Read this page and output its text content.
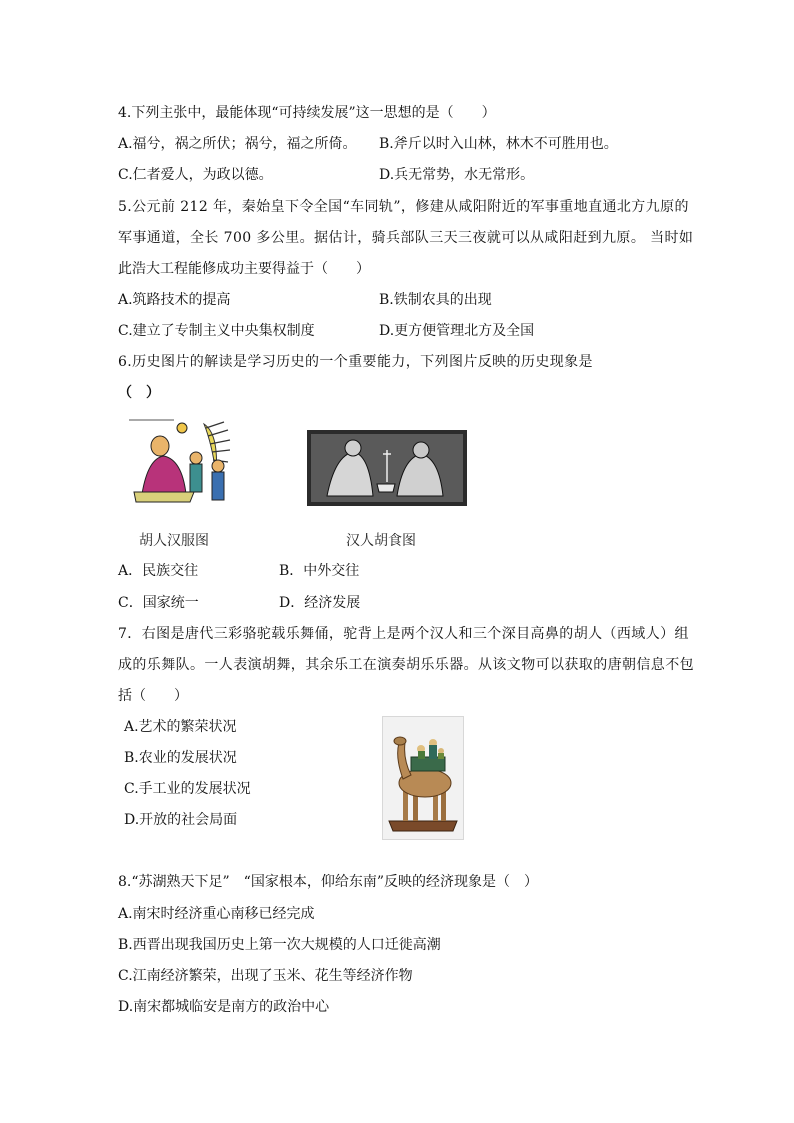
4.下列主张中，最能体现“可持续发展”这一思想的是（　　）
A.福兮，祸之所伏；祸兮，福之所倚。 B.斧斤以时入山林，林木不可胜用也。
C.仁者爱人，为政以德。	D.兵无常势，水无常形。
5.公元前 212 年，秦始皇下令全国“车同轨”，修建从咸阳附近的军事重地直通北方九原的
军事通道，全长 700 多公里。据估计，骑兵部队三天三夜就可以从咸阳赶到九原。 当时如
此浩大工程能修成功主要得益于（　　）
A.筑路技术的提高	B.铁制农具的出现
C.建立了专制主义中央集权制度	D.更方便管理北方及全国
6.历史图片的解读是学习历史的一个重要能力，下列图片反映的历史现象是
（　）
胡人汉服图	汉人胡食图
A．民族交往	B．中外交往
C．国家统一	D．经济发展
7．右图是唐代三彩骆驼载乐舞俑，驼背上是两个汉人和三个深目高鼻的胡人（西域人）组
成的乐舞队。一人表演胡舞，其余乐工在演奏胡乐乐器。从该文物可以获取的唐朝信息不包
括（　　）
A.艺术的繁荣状况
B.农业的发展状况
C.手工业的发展状况
D.开放的社会局面
8.“苏湖熟天下足”　“国家根本，仰给东南”反映的经济现象是（　）
A.南宋时经济重心南移已经完成
B.西晋出现我国历史上第一次大规模的人口迁徙高潮
C.江南经济繁荣，出现了玉米、花生等经济作物
D.南宋都城临安是南方的政治中心
